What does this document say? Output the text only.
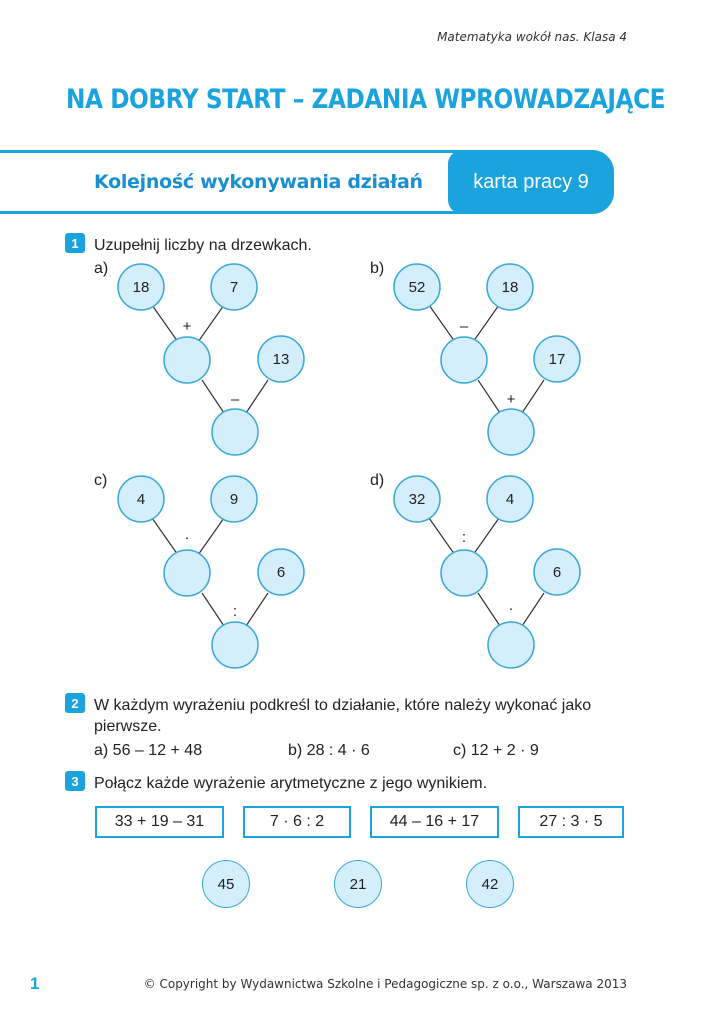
Matematyka wokół nas. Klasa 4
NA DOBRY START – ZADANIA WPROWADZAJĄCE
Kolejność wykonywania działań	karta pracy 9
1 Uzupełnij liczby na drzewkach.
a)	b)
c)	d)
18	7
13
+
–
52	18
17
–
+
4	9
6
·
:
32	4
6
:
·
2 W każdym wyrażeniu podkreśl to działanie, które należy wykonać jako
pierwsze.
a) 56 – 12 + 48	b) 28 : 4 · 6	c) 12 + 2 · 9
3 Połącz każde wyrażenie arytmetyczne z jego wynikiem.
33 + 19 – 31	7 · 6 : 2	44 – 16 + 17	27 : 3 · 5
45	21	42
1	© Copyright by Wydawnictwa Szkolne i Pedagogiczne sp. z o.o., Warszawa 2013
